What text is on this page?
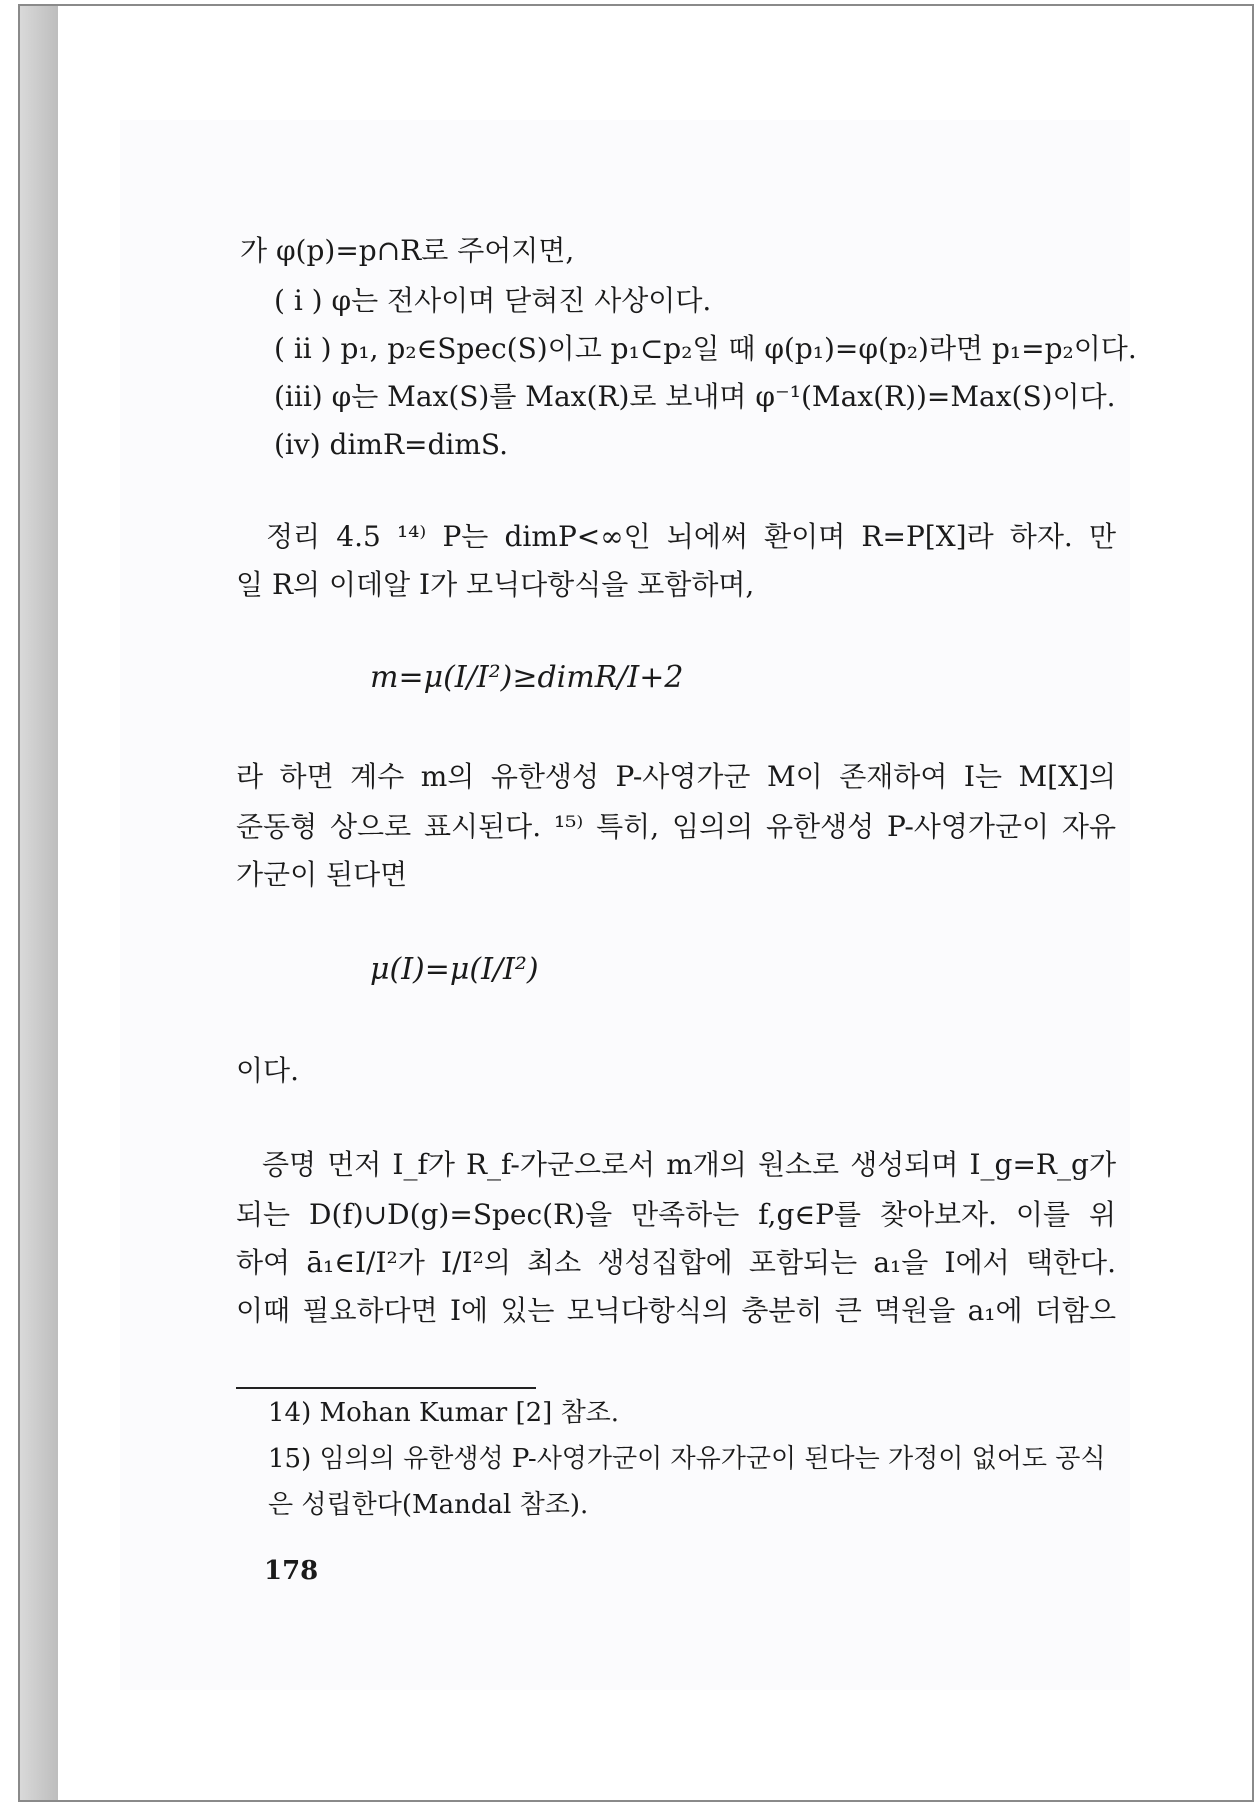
가 φ(p)=p∩R로 주어지면,
( i ) φ는 전사이며 닫혀진 사상이다.
( ii ) p₁, p₂∈Spec(S)이고 p₁⊂p₂일 때 φ(p₁)=φ(p₂)라면 p₁=p₂이다.
(iii) φ는 Max(S)를 Max(R)로 보내며 φ⁻¹(Max(R))=Max(S)이다.
(iv) dimR=dimS.
정리 4.5 ¹⁴⁾ P는 dimP<∞인 뇌에써 환이며 R=P[X]라 하자. 만
일 R의 이데알 I가 모닉다항식을 포함하며,
m=μ(I/I²)≥dimR/I+2
라 하면 계수 m의 유한생성 P-사영가군 M이 존재하여 I는 M[X]의
준동형 상으로 표시된다. ¹⁵⁾ 특히, 임의의 유한생성 P-사영가군이 자유
가군이 된다면
μ(I)=μ(I/I²)
이다.
증명 먼저 I_f가 R_f-가군으로서 m개의 원소로 생성되며 I_g=R_g가
되는 D(f)∪D(g)=Spec(R)을 만족하는 f,g∈P를 찾아보자. 이를 위
하여 ā₁∈I/I²가 I/I²의 최소 생성집합에 포함되는 a₁을 I에서 택한다.
이때 필요하다면 I에 있는 모닉다항식의 충분히 큰 멱원을 a₁에 더함으
14) Mohan Kumar [2] 참조.
15) 임의의 유한생성 P-사영가군이 자유가군이 된다는 가정이 없어도 공식
은 성립한다(Mandal 참조).
178
